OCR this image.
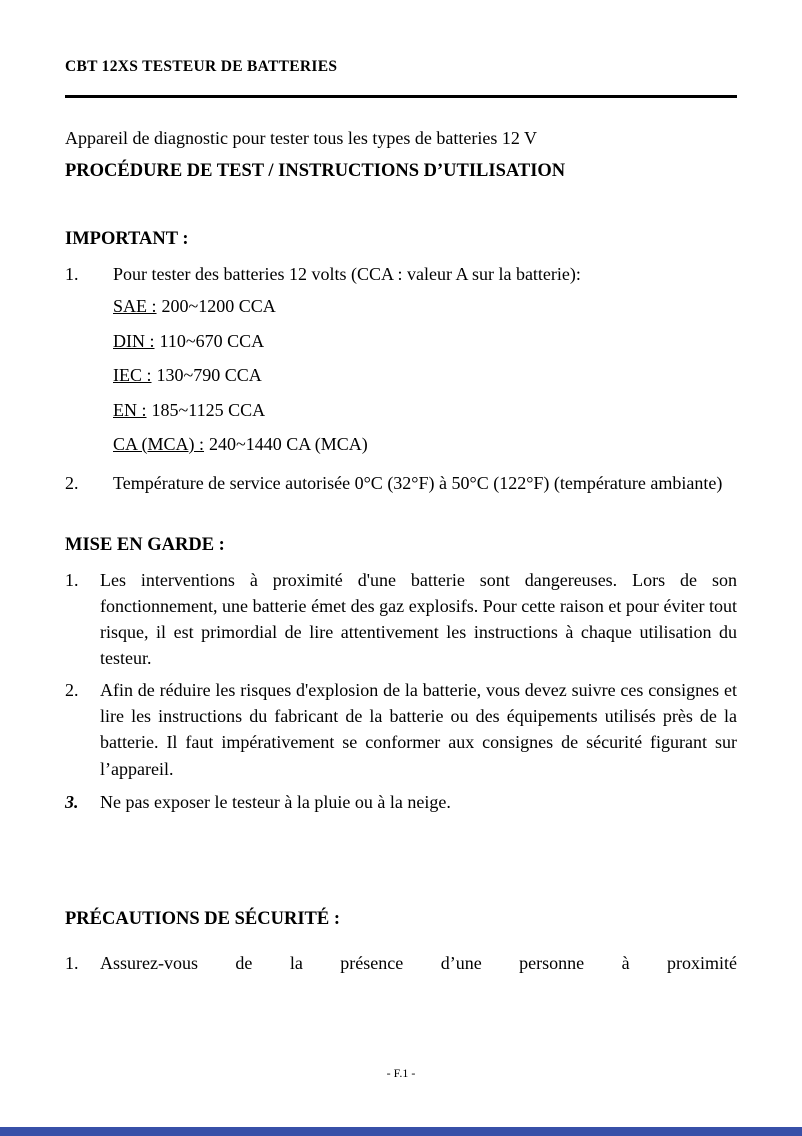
CBT 12XS TESTEUR DE BATTERIES
Appareil de diagnostic pour tester tous les types de batteries 12 V
PROCÉDURE DE TEST / INSTRUCTIONS D’UTILISATION
IMPORTANT :
1.	Pour tester des batteries 12 volts (CCA : valeur A sur la batterie):
SAE : 200~1200 CCA
DIN : 110~670 CCA
IEC : 130~790 CCA
EN : 185~1125 CCA
CA (MCA) : 240~1440 CA (MCA)
2.	Température de service autorisée 0°C (32°F) à 50°C (122°F) (température ambiante)
MISE EN GARDE :
1.	Les interventions à proximité d'une batterie sont dangereuses. Lors de son fonctionnement, une batterie émet des gaz explosifs. Pour cette raison et pour éviter tout risque, il est primordial de lire attentivement les instructions à chaque utilisation du testeur.
2.	Afin de réduire les risques d'explosion de la batterie, vous devez suivre ces consignes et lire les instructions du fabricant de la batterie ou des équipements utilisés près de la batterie. Il faut impérativement se conformer aux consignes de sécurité figurant sur l’appareil.
3.	Ne pas exposer le testeur à la pluie ou à la neige.
PRÉCAUTIONS DE SÉCURITÉ :
1.	Assurez-vous de la présence d’une personne à proximité
- F.1 -
